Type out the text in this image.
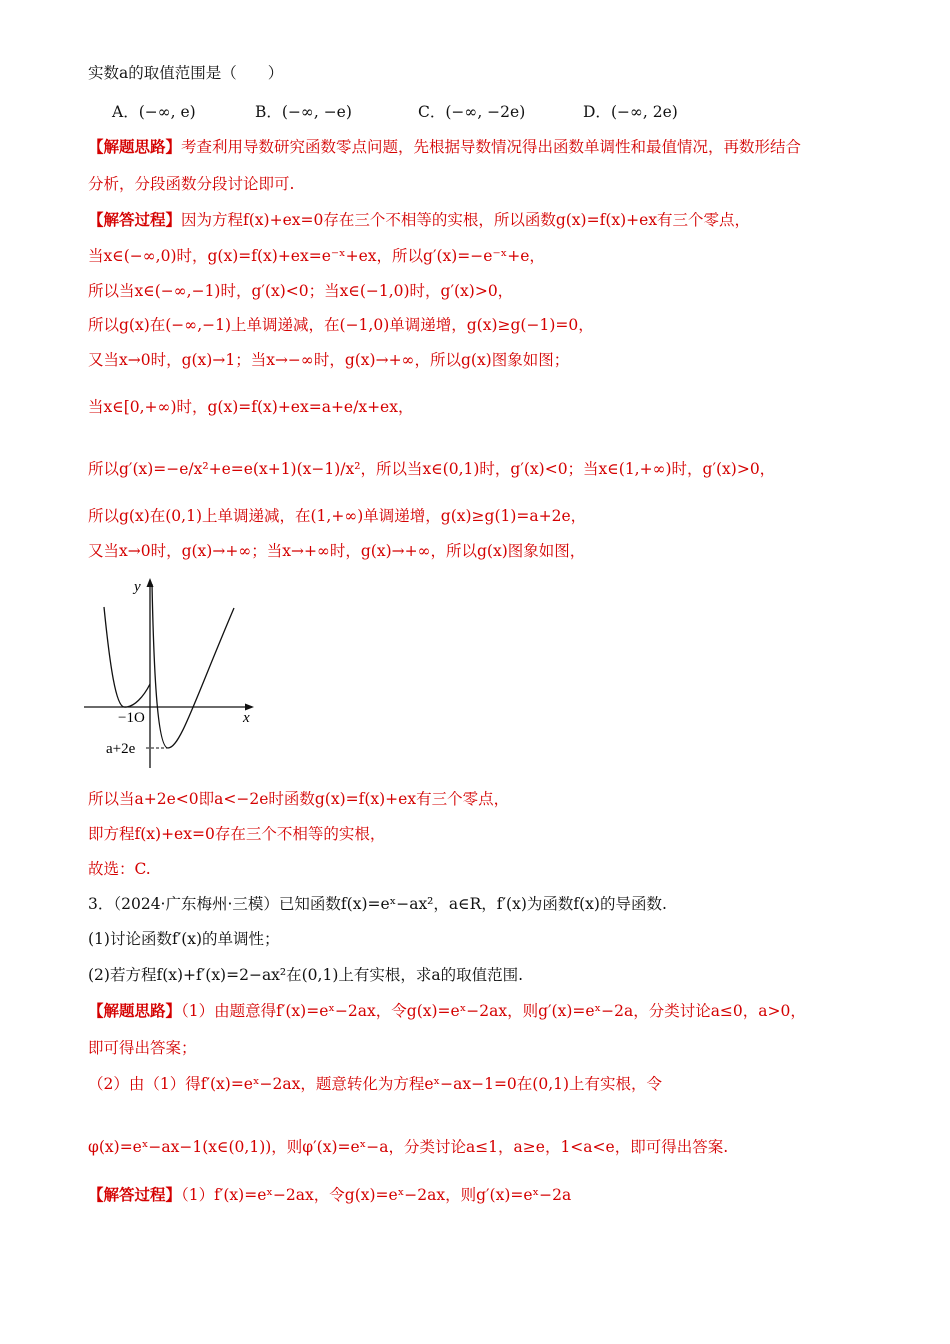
实数a的取值范围是（　　）
A．(−∞, e)	B．(−∞, −e)	C．(−∞, −2e)	D．(−∞, 2e)
【解题思路】考查利用导数研究函数零点问题，先根据导数情况得出函数单调性和最值情况，再数形结合
分析，分段函数分段讨论即可.
【解答过程】因为方程f(x)+ex=0存在三个不相等的实根，所以函数g(x)=f(x)+ex有三个零点，
当x∈(−∞,0)时，g(x)=f(x)+ex=e⁻ˣ+ex，所以g′(x)=−e⁻ˣ+e，
所以当x∈(−∞,−1)时，g′(x)<0；当x∈(−1,0)时，g′(x)>0，
所以g(x)在(−∞,−1)上单调递减，在(−1,0)单调递增，g(x)≥g(−1)=0，
又当x→0时，g(x)→1；当x→−∞时，g(x)→+∞，所以g(x)图象如图；
当x∈[0,+∞)时，g(x)=f(x)+ex=a+e/x+ex，
所以g′(x)=−e/x²+e=e(x+1)(x−1)/x²，所以当x∈(0,1)时，g′(x)<0；当x∈(1,+∞)时，g′(x)>0，
所以g(x)在(0,1)上单调递减，在(1,+∞)单调递增，g(x)≥g(1)=a+2e，
又当x→0时，g(x)→+∞；当x→+∞时，g(x)→+∞，所以g(x)图象如图，
y
x
−1O
a+2e
所以当a+2e<0即a<−2e时函数g(x)=f(x)+ex有三个零点，
即方程f(x)+ex=0存在三个不相等的实根，
故选：C.
3．（2024·广东梅州·三模）已知函数f(x)=eˣ−ax²，a∈R，f′(x)为函数f(x)的导函数.
(1)讨论函数f′(x)的单调性；
(2)若方程f(x)+f′(x)=2−ax²在(0,1)上有实根，求a的取值范围.
【解题思路】（1）由题意得f′(x)=eˣ−2ax，令g(x)=eˣ−2ax，则g′(x)=eˣ−2a，分类讨论a≤0，a>0，
即可得出答案；
（2）由（1）得f′(x)=eˣ−2ax，题意转化为方程eˣ−ax−1=0在(0,1)上有实根，令
φ(x)=eˣ−ax−1(x∈(0,1))，则φ′(x)=eˣ−a，分类讨论a≤1，a≥e，1<a<e，即可得出答案.
【解答过程】（1）f′(x)=eˣ−2ax，令g(x)=eˣ−2ax，则g′(x)=eˣ−2a
